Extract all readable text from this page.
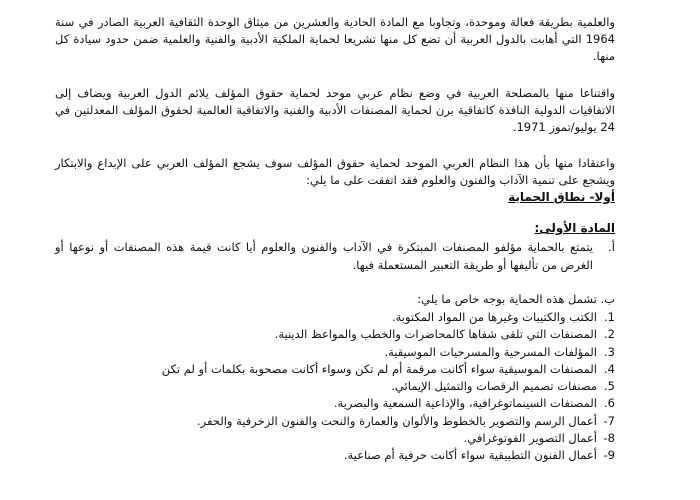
والعلمية بطريقة فعالة وموحدة، وتجاوبا مع المادة الحادية والعشرين من ميثاق الوحدة الثقافية العربية الصادر في سنة 1964 التي أهابت بالدول العربية أن تضع كل منها تشريعا لحماية الملكية الأدبية والفنية والعلمية ضمن حدود سيادة كل منها.

واقتناعا منها بالمصلحة العربية في وضع نظام عربي موحد لحماية حقوق المؤلف يلائم الدول العربية ويضاف إلى الاتفاقيات الدولية النافذة كاتفاقية برن لحماية المصنفات الأدبية والفنية والاتفاقية العالمية لحقوق المؤلف المعدلتين في 24 يوليو/تموز 1971.

واعتقادا منها بأن هذا النظام العربي الموحد لحماية حقوق المؤلف سوف يشجع المؤلف العربي على الإبداع والابتكار ويشجع على تنمية الآداب والفنون والعلوم فقد اتفقت على ما يلي:

أولا- نطاق الحماية
المادة الأولى:
أ.
يتمتع بالحماية مؤلفو المصنفات المبتكرة في الآداب والفنون والعلوم أيا كانت قيمة هذه المصنفات أو نوعها أو الغرض من تأليفها أو طريقة التعبير المستعملة فيها.
ب. تشمل هذه الحماية بوجه خاص ما يلي:
1.
الكتب والكتيبات وغيرها من المواد المكتوبة.
2.
المصنفات التي تلقى شفاها كالمحاضرات والخطب والمواعظ الدينية.
3.
المؤلفات المسرحية والمسرحيات الموسيقية.
4.
المصنفات الموسيقية سواء أكانت مرقمة أم لم تكن وسواء أكانت مصحوبة بكلمات أو لم تكن
5.
مصنفات تصميم الرقصات والتمثيل الإيمائي.
6.
المصنفات السينماتوغرافية، والإذاعية السمعية والبصرية.
7-
أعمال الرسم والتصوير بالخطوط والألوان والعمارة والنحت والفنون الزخرفية والحفر.
8-
أعمال التصوير الفوتوغرافي.
9-
أعمال الفنون التطبيقية سواء أكانت حرفية أم صناعية.
